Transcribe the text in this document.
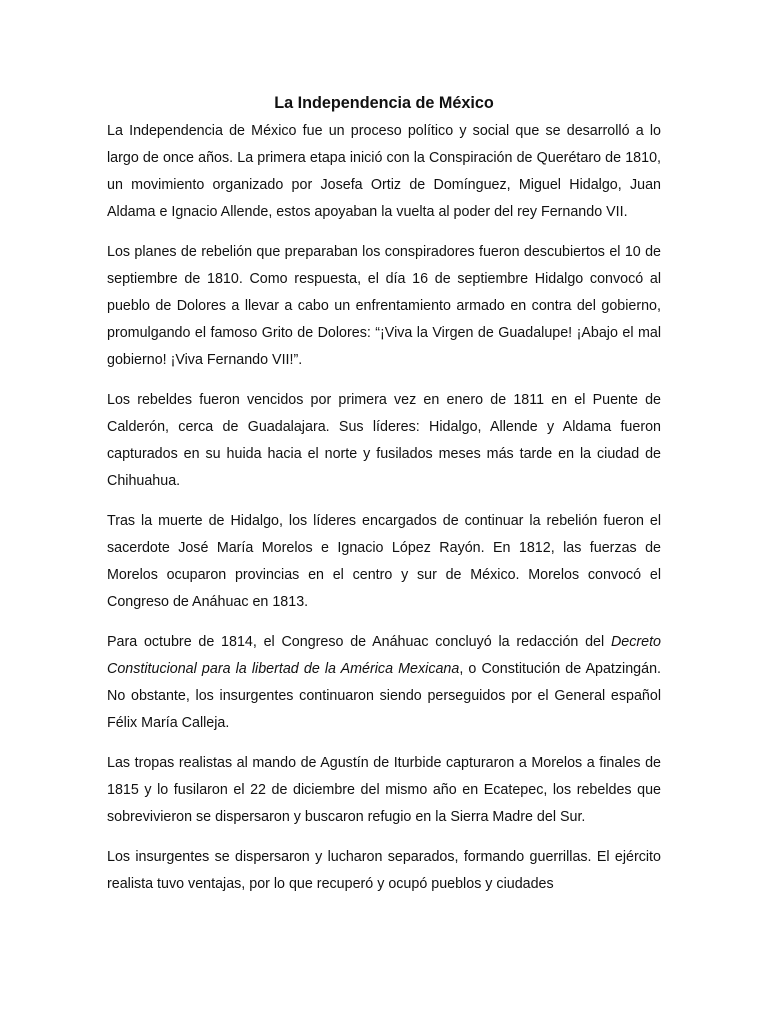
La Independencia de México

La Independencia de México fue un proceso político y social que se desarrolló a lo largo de once años. La primera etapa inició con la Conspiración de Querétaro de 1810, un movimiento organizado por Josefa Ortiz de Domínguez, Miguel Hidalgo, Juan Aldama e Ignacio Allende, estos apoyaban la vuelta al poder del rey Fernando VII.

Los planes de rebelión que preparaban los conspiradores fueron descubiertos el 10 de septiembre de 1810. Como respuesta, el día 16 de septiembre Hidalgo convocó al pueblo de Dolores a llevar a cabo un enfrentamiento armado en contra del gobierno, promulgando el famoso Grito de Dolores: “¡Viva la Virgen de Guadalupe! ¡Abajo el mal gobierno! ¡Viva Fernando VII!”.

Los rebeldes fueron vencidos por primera vez en enero de 1811 en el Puente de Calderón, cerca de Guadalajara. Sus líderes: Hidalgo, Allende y Aldama fueron capturados en su huida hacia el norte y fusilados meses más tarde en la ciudad de Chihuahua.

Tras la muerte de Hidalgo, los líderes encargados de continuar la rebelión fueron el sacerdote José María Morelos e Ignacio López Rayón. En 1812, las fuerzas de Morelos ocuparon provincias en el centro y sur de México. Morelos convocó el Congreso de Anáhuac en 1813.

Para octubre de 1814, el Congreso de Anáhuac concluyó la redacción del Decreto Constitucional para la libertad de la América Mexicana, o Constitución de Apatzingán. No obstante, los insurgentes continuaron siendo perseguidos por el General español Félix María Calleja.

Las tropas realistas al mando de Agustín de Iturbide capturaron a Morelos a finales de 1815 y lo fusilaron el 22 de diciembre del mismo año en Ecatepec, los rebeldes que sobrevivieron se dispersaron y buscaron refugio en la Sierra Madre del Sur.

Los insurgentes se dispersaron y lucharon separados, formando guerrillas. El ejército realista tuvo ventajas, por lo que recuperó y ocupó pueblos y ciudades
